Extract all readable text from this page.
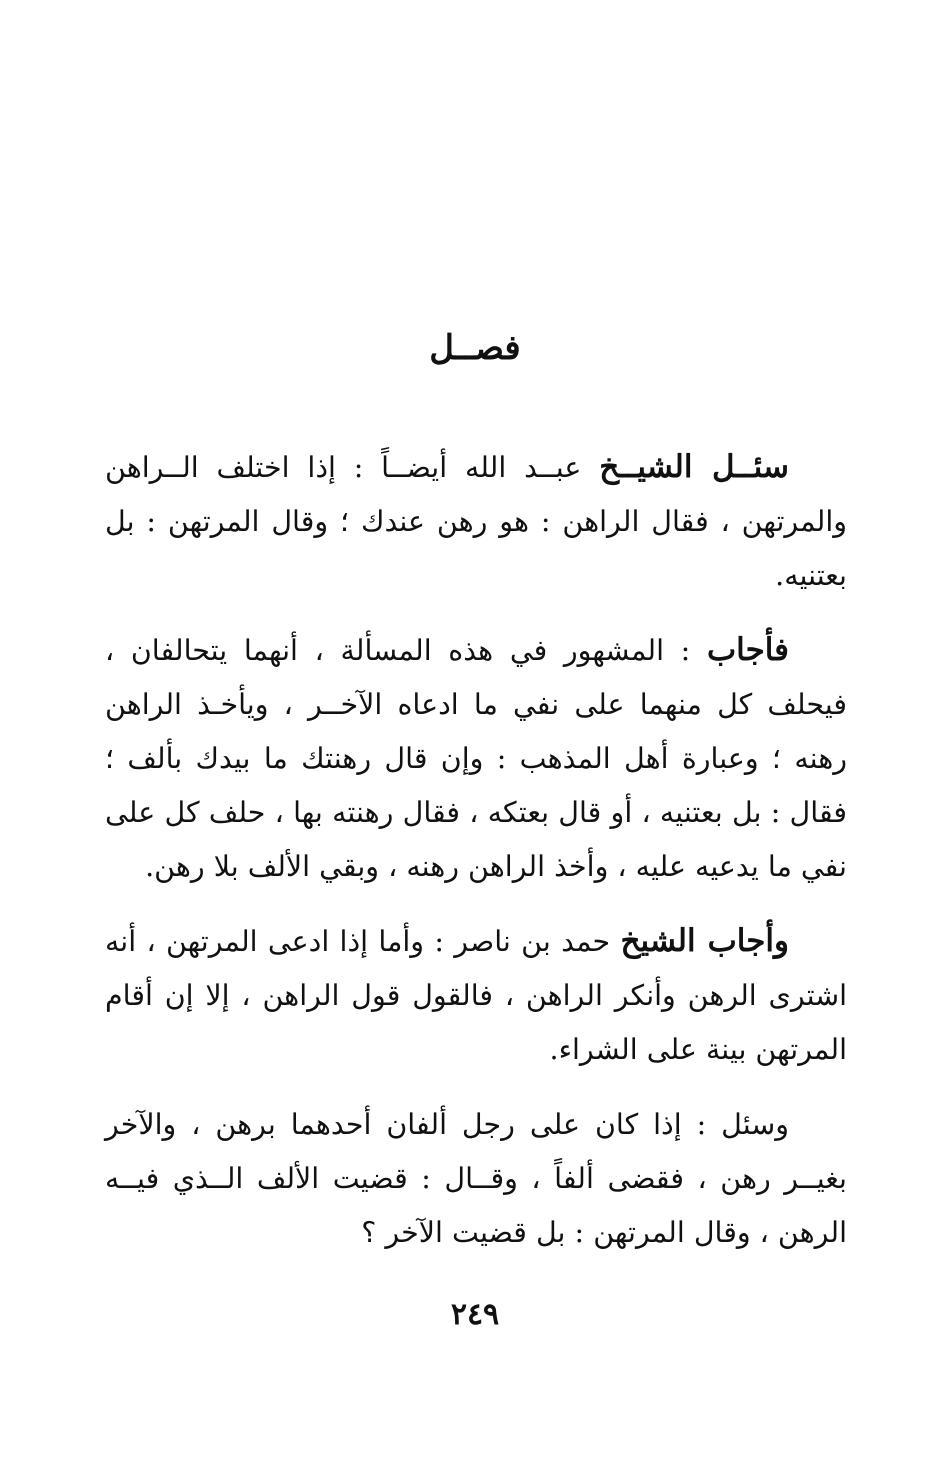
فصــل

سئــل الشيــخ عبــد الله أيضــاً : إذا اختلف الــراهن والمرتهن ، فقال الراهن : هو رهن عندك ؛ وقال المرتهن : بل بعتنيه.

فأجاب : المشهور في هذه المسألة ، أنهما يتحالفان ، فيحلف كل منهما على نفي ما ادعاه الآخــر ، ويأخـذ الراهن رهنه ؛ وعبارة أهل المذهب : وإن قال رهنتك ما بيدك بألف ؛ فقال : بل بعتنيه ، أو قال بعتكه ، فقال رهنته بها ، حلف كل على نفي ما يدعيه عليه ، وأخذ الراهن رهنه ، وبقي الألف بلا رهن.

وأجاب الشيخ حمد بن ناصر : وأما إذا ادعى المرتهن ، أنه اشترى الرهن وأنكر الراهن ، فالقول قول الراهن ، إلا إن أقام المرتهن بينة على الشراء.

وسئل : إذا كان على رجل ألفان أحدهما برهن ، والآخر بغيــر رهن ، فقضى ألفاً ، وقــال : قضيت الألف الــذي فيــه الرهن ، وقال المرتهن : بل قضيت الآخر ؟

٢٤٩
